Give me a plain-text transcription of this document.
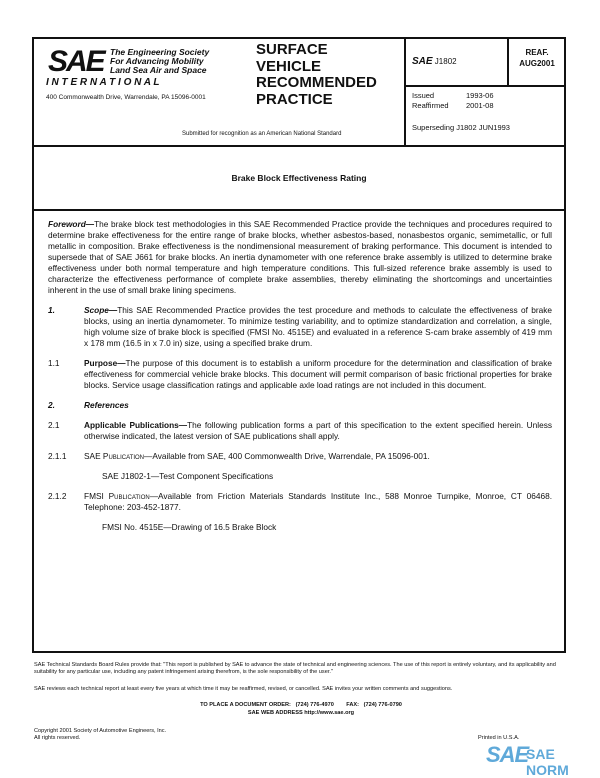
SAE The Engineering Society
For Advancing Mobility
Land Sea Air and Space
I N T E R N A T I O N A L
400 Commonwealth Drive, Warrendale, PA 15096-0001
SURFACE
VEHICLE
RECOMMENDED
PRACTICE
Submitted for recognition as an American National Standard
SAE J1802
REAF.
AUG2001
Issued	1993-06
Reaffirmed 2001-08
Superseding J1802 JUN1993
Brake Block Effectiveness Rating

Foreword—The brake block test methodologies in this SAE Recommended Practice provide the techniques and procedures required to determine brake effectiveness for the entire range of brake blocks, whether asbestos-based, nonasbestos organic, semimetallic, or full metallic in composition. Brake effectiveness is the nondimensional measurement of braking performance. This document is intended to supersede that of SAE J661 for brake blocks. An inertia dynamometer with one reference brake assembly is utilized to determine brake effectiveness under both normal temperature and high temperature conditions. This full-sized reference brake assembly is used to characterize the effectiveness performance of complete brake assemblies, thereby eliminating the shortcomings and uncertainties inherent in the use of small brake lining specimens.

1.	Scope—This SAE Recommended Practice provides the test procedure and methods to calculate the effectiveness of brake blocks, using an inertia dynamometer. To minimize testing variability, and to optimize standardization and correlation, a single, high volume size of brake block is specified (FMSI No. 4515E) and evaluated in a reference S-cam brake assembly of 419 mm x 178 mm (16.5 in x 7.0 in) size, using a specified brake drum.

1.1	Purpose—The purpose of this document is to establish a uniform procedure for the determination and classification of brake effectiveness for commercial vehicle brake blocks. This document will permit comparison of basic frictional properties for brake blocks. Service usage classification ratings and applicable axle load ratings are not included in this document.

2.	References

2.1	Applicable Publications—The following publication forms a part of this specification to the extent specified herein. Unless otherwise indicated, the latest version of SAE publications shall apply.

2.1.1 SAE Publication—Available from SAE, 400 Commonwealth Drive, Warrendale, PA 15096-001.

SAE J1802-1—Test Component Specifications

2.1.2 FMSI Publication—Available from Friction Materials Standards Institute Inc., 588 Monroe Turnpike, Monroe, CT 06468. Telephone: 203-452-1877.

FMSI No. 4515E—Drawing of 16.5 Brake Block

SAE Technical Standards Board Rules provide that: "This report is published by SAE to advance the state of technical and engineering sciences. The use of this report is entirely voluntary, and its applicability and suitability for any particular use, including any patent infringement arising therefrom, is the sole responsibility of the user."
SAE reviews each technical report at least every five years at which time it may be reaffirmed, revised, or cancelled. SAE invites your written comments and suggestions.
TO PLACE A DOCUMENT ORDER:   (724) 776-4970        FAX:   (724) 776-0790
SAE WEB ADDRESS http://www.sae.org
Copyright 2001 Society of Automotive Engineers, Inc.
All rights reserved.	Printed in U.S.A.
SAE
SAE NORM
